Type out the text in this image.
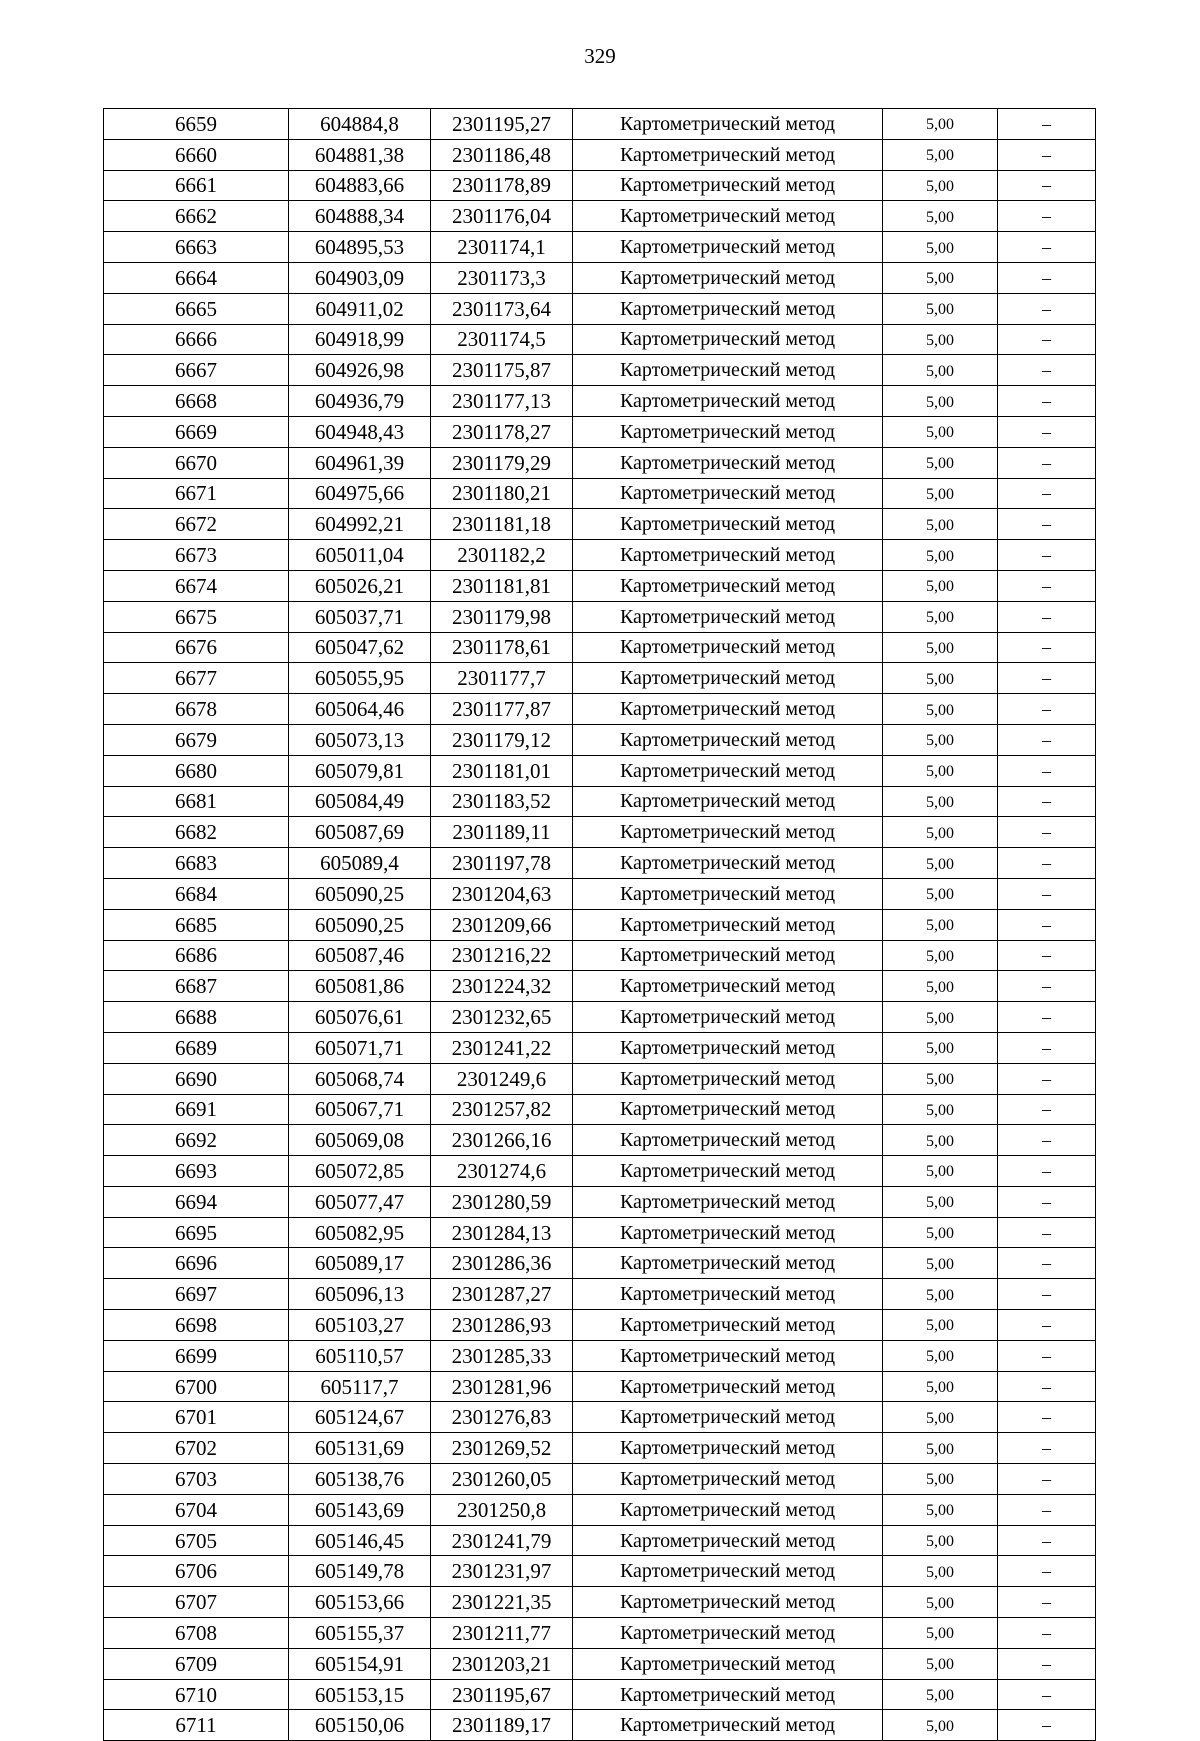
329
6659	604884,8	2301195,27	Картометрический метод	5,00	–
6660	604881,38	2301186,48	Картометрический метод	5,00	–
6661	604883,66	2301178,89	Картометрический метод	5,00	–
6662	604888,34	2301176,04	Картометрический метод	5,00	–
6663	604895,53	2301174,1	Картометрический метод	5,00	–
6664	604903,09	2301173,3	Картометрический метод	5,00	–
6665	604911,02	2301173,64	Картометрический метод	5,00	–
6666	604918,99	2301174,5	Картометрический метод	5,00	–
6667	604926,98	2301175,87	Картометрический метод	5,00	–
6668	604936,79	2301177,13	Картометрический метод	5,00	–
6669	604948,43	2301178,27	Картометрический метод	5,00	–
6670	604961,39	2301179,29	Картометрический метод	5,00	–
6671	604975,66	2301180,21	Картометрический метод	5,00	–
6672	604992,21	2301181,18	Картометрический метод	5,00	–
6673	605011,04	2301182,2	Картометрический метод	5,00	–
6674	605026,21	2301181,81	Картометрический метод	5,00	–
6675	605037,71	2301179,98	Картометрический метод	5,00	–
6676	605047,62	2301178,61	Картометрический метод	5,00	–
6677	605055,95	2301177,7	Картометрический метод	5,00	–
6678	605064,46	2301177,87	Картометрический метод	5,00	–
6679	605073,13	2301179,12	Картометрический метод	5,00	–
6680	605079,81	2301181,01	Картометрический метод	5,00	–
6681	605084,49	2301183,52	Картометрический метод	5,00	–
6682	605087,69	2301189,11	Картометрический метод	5,00	–
6683	605089,4	2301197,78	Картометрический метод	5,00	–
6684	605090,25	2301204,63	Картометрический метод	5,00	–
6685	605090,25	2301209,66	Картометрический метод	5,00	–
6686	605087,46	2301216,22	Картометрический метод	5,00	–
6687	605081,86	2301224,32	Картометрический метод	5,00	–
6688	605076,61	2301232,65	Картометрический метод	5,00	–
6689	605071,71	2301241,22	Картометрический метод	5,00	–
6690	605068,74	2301249,6	Картометрический метод	5,00	–
6691	605067,71	2301257,82	Картометрический метод	5,00	–
6692	605069,08	2301266,16	Картометрический метод	5,00	–
6693	605072,85	2301274,6	Картометрический метод	5,00	–
6694	605077,47	2301280,59	Картометрический метод	5,00	–
6695	605082,95	2301284,13	Картометрический метод	5,00	–
6696	605089,17	2301286,36	Картометрический метод	5,00	–
6697	605096,13	2301287,27	Картометрический метод	5,00	–
6698	605103,27	2301286,93	Картометрический метод	5,00	–
6699	605110,57	2301285,33	Картометрический метод	5,00	–
6700	605117,7	2301281,96	Картометрический метод	5,00	–
6701	605124,67	2301276,83	Картометрический метод	5,00	–
6702	605131,69	2301269,52	Картометрический метод	5,00	–
6703	605138,76	2301260,05	Картометрический метод	5,00	–
6704	605143,69	2301250,8	Картометрический метод	5,00	–
6705	605146,45	2301241,79	Картометрический метод	5,00	–
6706	605149,78	2301231,97	Картометрический метод	5,00	–
6707	605153,66	2301221,35	Картометрический метод	5,00	–
6708	605155,37	2301211,77	Картометрический метод	5,00	–
6709	605154,91	2301203,21	Картометрический метод	5,00	–
6710	605153,15	2301195,67	Картометрический метод	5,00	–
6711	605150,06	2301189,17	Картометрический метод	5,00	–
